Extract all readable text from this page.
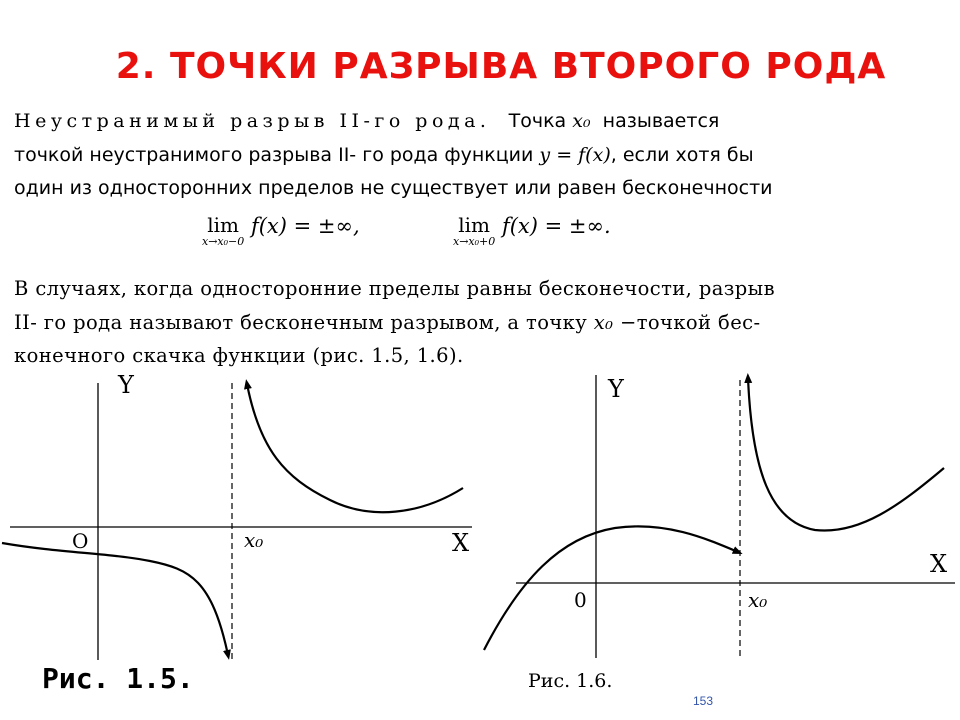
2. ТОЧКИ РАЗРЫВА ВТОРОГО РОДА
Неустранимый разрыв II-го рода. Точка x₀ называется
точкой неустранимого разрыва II- го рода функции y = f(x), если хотя бы
один из односторонних пределов не существует или равен бесконечности
lim
x→x₀−0
f(x) = ±∞,	lim
x→x₀+0
f(x) = ±∞.
В случаях, когда односторонние пределы равны бесконечости, разрыв
II- го рода называют бесконечным разрывом, а точку x₀ −точкой бес-
конечного скачка функции (рис. 1.5, 1.6).
Y
X
O	x₀
Y
X
0	x₀
Рис. 1.5.	Рис. 1.6.
153
